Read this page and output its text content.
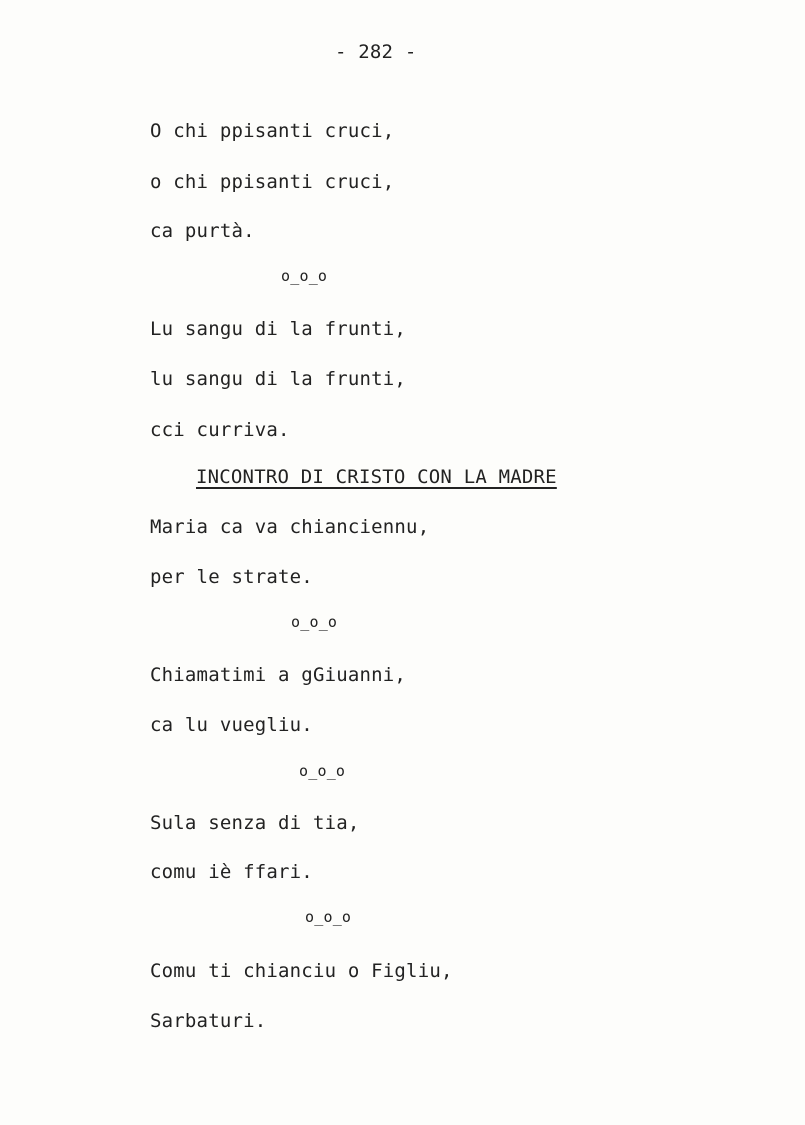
- 282 -
O chi ppisanti cruci,
o chi ppisanti cruci,
ca purtà.
o_o_o
Lu sangu di la frunti,
lu sangu di la frunti,
cci curriva.
INCONTRO DI CRISTO CON LA MADRE
Maria ca va chianciennu,
per le strate.
o_o_o
Chiamatimi a gGiuanni,
ca lu vuegliu.
o_o_o
Sula senza di tia,
comu iè ffari.
o_o_o
Comu ti chianciu o Figliu,
Sarbaturi.
